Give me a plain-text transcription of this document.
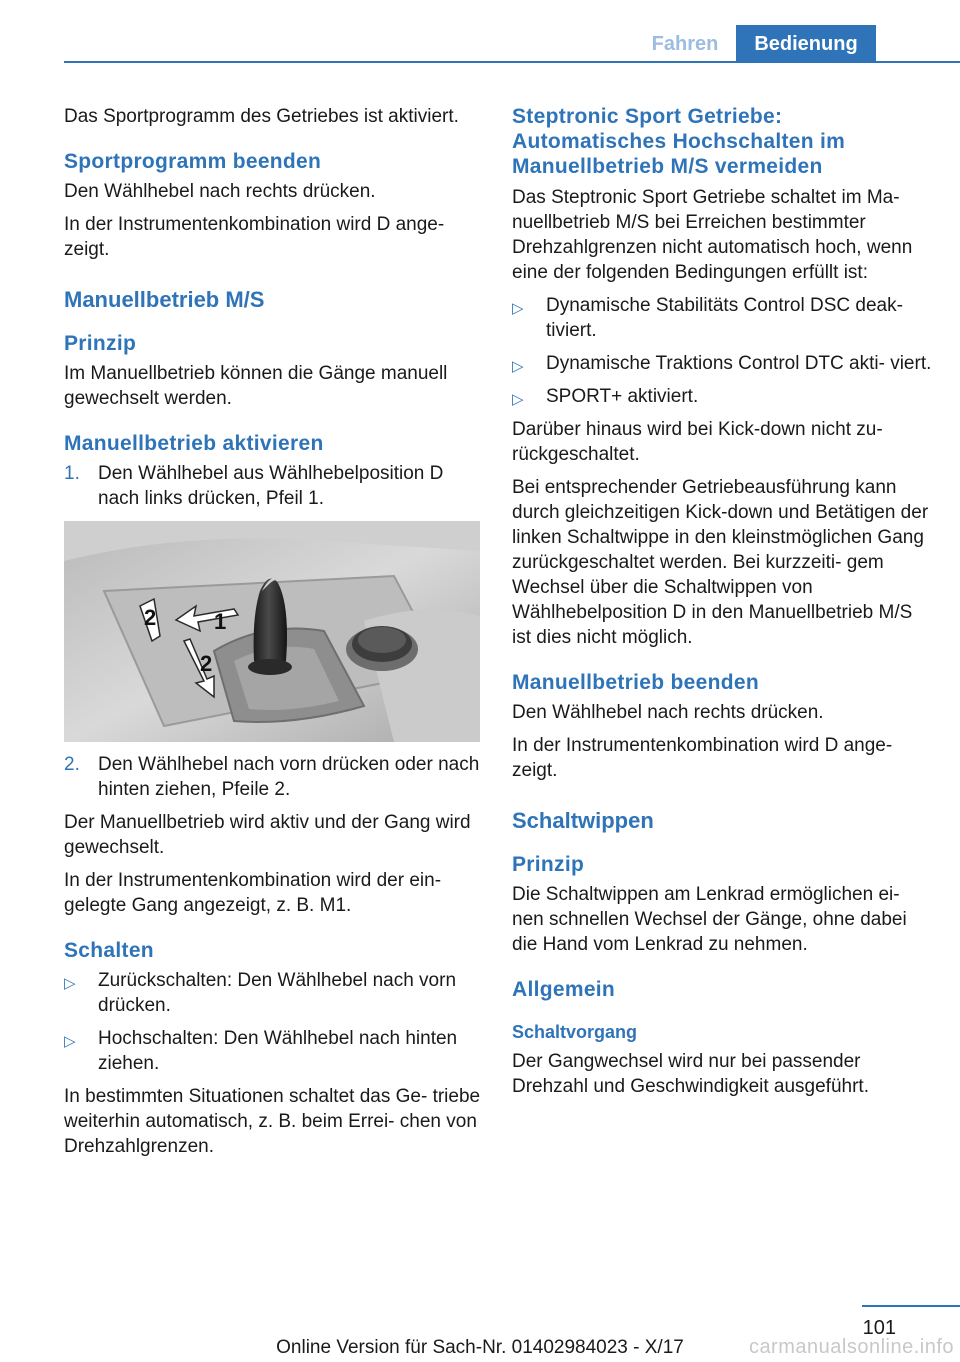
Fahren	Bedienung

Das Sportprogramm des Getriebes ist aktiviert.

Sportprogramm beenden

Den Wählhebel nach rechts drücken.

In der Instrumentenkombination wird D ange‐ zeigt.

Manuellbetrieb M/S
Prinzip

Im Manuellbetrieb können die Gänge manuell gewechselt werden.

Manuellbetrieb aktivieren
1. Den Wählhebel aus Wählhebelposition D nach links drücken, Pfeil 1.
1
2
2
2. Den Wählhebel nach vorn drücken oder nach hinten ziehen, Pfeile 2.

Der Manuellbetrieb wird aktiv und der Gang wird gewechselt.

In der Instrumentenkombination wird der ein‐ gelegte Gang angezeigt, z. B. M1.

Schalten
▷ Zurückschalten: Den Wählhebel nach vorn drücken.
▷ Hochschalten: Den Wählhebel nach hinten ziehen.

In bestimmten Situationen schaltet das Ge‐ triebe weiterhin automatisch, z. B. beim Errei‐ chen von Drehzahlgrenzen.

Steptronic Sport Getriebe: Automatisches Hochschalten im Manuellbetrieb M/S vermeiden

Das Steptronic Sport Getriebe schaltet im Ma‐ nuellbetrieb M/S bei Erreichen bestimmter Drehzahlgrenzen nicht automatisch hoch, wenn eine der folgenden Bedingungen erfüllt ist:

▷ Dynamische Stabilitäts Control DSC deak‐ tiviert.
▷ Dynamische Traktions Control DTC akti‐ viert.
▷ SPORT+ aktiviert.

Darüber hinaus wird bei Kick-down nicht zu‐ rückgeschaltet.

Bei entsprechender Getriebeausführung kann durch gleichzeitigen Kick-down und Betätigen der linken Schaltwippe in den kleinstmöglichen Gang zurückgeschaltet werden. Bei kurzzeiti‐ gem Wechsel über die Schaltwippen von Wählhebelposition D in den Manuellbetrieb M/S ist dies nicht möglich.

Manuellbetrieb beenden

Den Wählhebel nach rechts drücken.

In der Instrumentenkombination wird D ange‐ zeigt.

Schaltwippen
Prinzip

Die Schaltwippen am Lenkrad ermöglichen ei‐ nen schnellen Wechsel der Gänge, ohne dabei die Hand vom Lenkrad zu nehmen.

Allgemein
Schaltvorgang

Der Gangwechsel wird nur bei passender Drehzahl und Geschwindigkeit ausgeführt.

101
Online Version für Sach-Nr. 01402984023 - X/17	carmanualsonline.info
